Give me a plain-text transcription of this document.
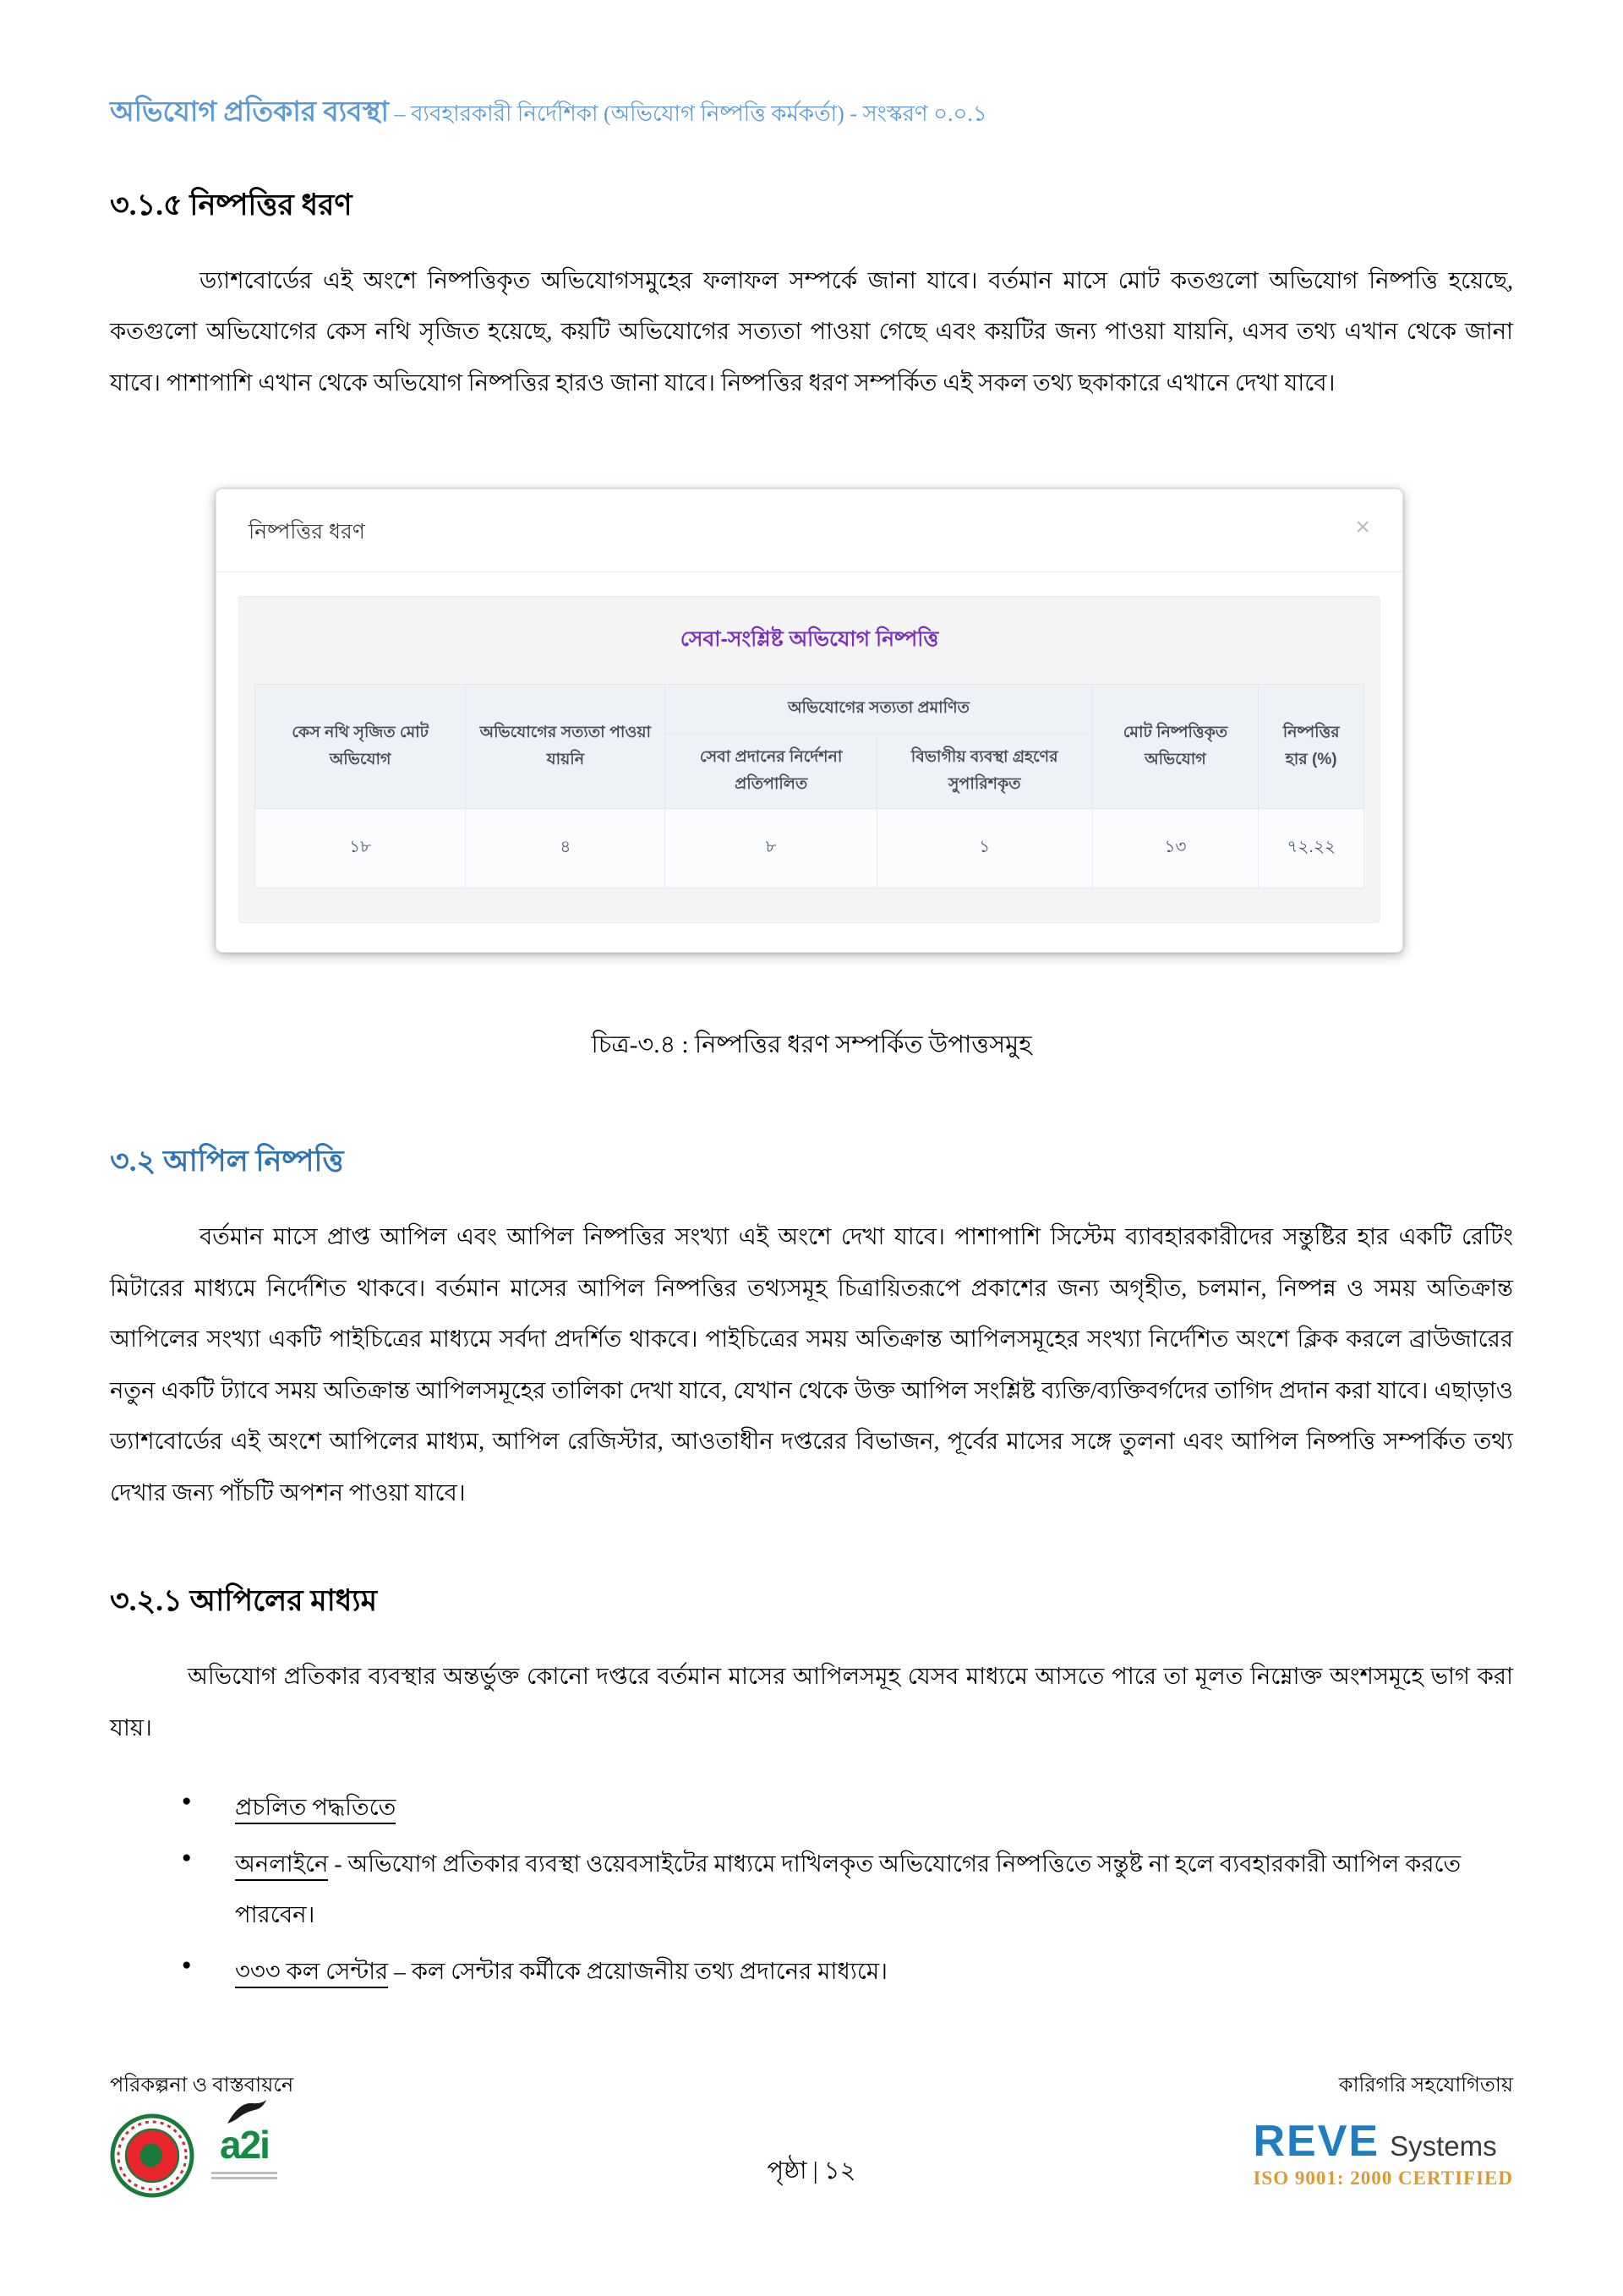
অভিযোগ প্রতিকার ব্যবস্থা – ব্যবহারকারী নির্দেশিকা (অভিযোগ নিষ্পত্তি কর্মকর্তা) - সংস্করণ ০.০.১
৩.১.৫ নিষ্পত্তির ধরণ

ড্যাশবোর্ডের এই অংশে নিষ্পত্তিকৃত অভিযোগসমুহের ফলাফল সম্পর্কে জানা যাবে। বর্তমান মাসে মোট কতগুলো অভিযোগ নিষ্পত্তি হয়েছে, কতগুলো অভিযোগের কেস নথি সৃজিত হয়েছে, কয়টি অভিযোগের সত্যতা পাওয়া গেছে এবং কয়টির জন্য পাওয়া যায়নি, এসব তথ্য এখান থেকে জানা যাবে। পাশাপাশি এখান থেকে অভিযোগ নিষ্পত্তির হারও জানা যাবে। নিষ্পত্তির ধরণ সম্পর্কিত এই সকল তথ্য ছকাকারে এখানে দেখা যাবে।

নিষ্পত্তির ধরণ	×
সেবা-সংশ্লিষ্ট অভিযোগ নিষ্পত্তি
কেস নথি সৃজিত মোট অভিযোগ	অভিযোগের সত্যতা পাওয়া যায়নি	অভিযোগের সত্যতা প্রমাণিত		মোট নিষ্পত্তিকৃত অভিযোগ	নিষ্পত্তির হার (%)
		সেবা প্রদানের নির্দেশনা প্রতিপালিত	বিভাগীয় ব্যবস্থা গ্রহণের সুপারিশকৃত		
১৮	৪	৮	১	১৩	৭২.২২
চিত্র-৩.৪ : নিষ্পত্তির ধরণ সম্পর্কিত উপাত্তসমুহ
৩.২ আপিল নিষ্পত্তি

বর্তমান মাসে প্রাপ্ত আপিল এবং আপিল নিষ্পত্তির সংখ্যা এই অংশে দেখা যাবে। পাশাপাশি সিস্টেম ব্যাবহারকারীদের সন্তুষ্টির হার একটি রেটিং মিটারের মাধ্যমে নির্দেশিত থাকবে। বর্তমান মাসের আপিল নিষ্পত্তির তথ্যসমূহ চিত্রায়িতরূপে প্রকাশের জন্য অগৃহীত, চলমান, নিষ্পন্ন ও সময় অতিক্রান্ত আপিলের সংখ্যা একটি পাইচিত্রের মাধ্যমে সর্বদা প্রদর্শিত থাকবে। পাইচিত্রের সময় অতিক্রান্ত আপিলসমূহের সংখ্যা নির্দেশিত অংশে ক্লিক করলে ব্রাউজারের নতুন একটি ট্যাবে সময় অতিক্রান্ত আপিলসমূহের তালিকা দেখা যাবে, যেখান থেকে উক্ত আপিল সংশ্লিষ্ট ব্যক্তি/ব্যক্তিবর্গদের তাগিদ প্রদান করা যাবে। এছাড়াও ড্যাশবোর্ডের এই অংশে আপিলের মাধ্যম, আপিল রেজিস্টার, আওতাধীন দপ্তরের বিভাজন, পূর্বের মাসের সঙ্গে তুলনা এবং আপিল নিষ্পত্তি সম্পর্কিত তথ্য দেখার জন্য পাঁচটি অপশন পাওয়া যাবে।

৩.২.১ আপিলের মাধ্যম

অভিযোগ প্রতিকার ব্যবস্থার অন্তর্ভুক্ত কোনো দপ্তরে বর্তমান মাসের আপিলসমূহ যেসব মাধ্যমে আসতে পারে তা মূলত নিম্নোক্ত অংশসমূহে ভাগ করা যায়।

● প্রচলিত পদ্ধতিতে
● অনলাইনে - অভিযোগ প্রতিকার ব্যবস্থা ওয়েবসাইটের মাধ্যমে দাখিলকৃত অভিযোগের নিষ্পত্তিতে সন্তুষ্ট না হলে ব্যবহারকারী আপিল করতে পারবেন।
● ৩৩৩ কল সেন্টার – কল সেন্টার কর্মীকে প্রয়োজনীয় তথ্য প্রদানের মাধ্যমে।
পরিকল্পনা ও বাস্তবায়নে
a2i
কারিগরি সহযোগিতায়
REVE Systems
ISO 9001: 2000 CERTIFIED
পৃষ্ঠা | ১২
